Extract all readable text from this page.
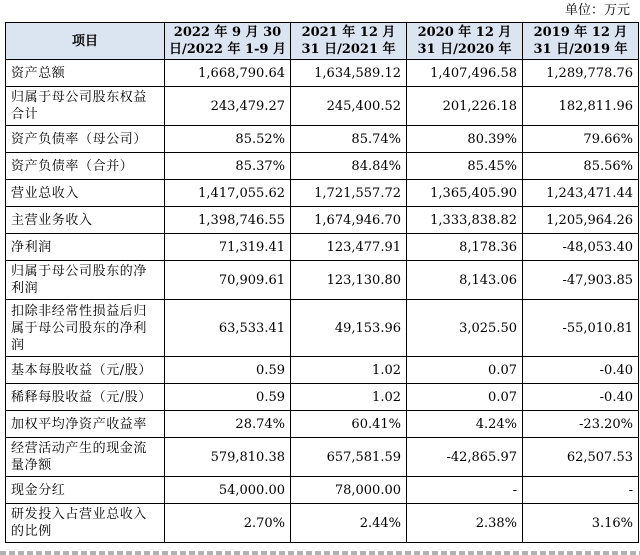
单位：万元
项目	2022 年 9 月 30 日/2022 年 1-9 月	2021 年 12 月 31 日/2021 年	2020 年 12 月 31 日/2020 年	2019 年 12 月 31 日/2019 年
资产总额	1,668,790.64	1,634,589.12	1,407,496.58	1,289,778.76
归属于母公司股东权益合计	243,479.27	245,400.52	201,226.18	182,811.96
资产负债率（母公司）	85.52%	85.74%	80.39%	79.66%
资产负债率（合并）	85.37%	84.84%	85.45%	85.56%
营业总收入	1,417,055.62	1,721,557.72	1,365,405.90	1,243,471.44
主营业务收入	1,398,746.55	1,674,946.70	1,333,838.82	1,205,964.26
净利润	71,319.41	123,477.91	8,178.36	-48,053.40
归属于母公司股东的净利润	70,909.61	123,130.80	8,143.06	-47,903.85
扣除非经常性损益后归属于母公司股东的净利润	63,533.41	49,153.96	3,025.50	-55,010.81
基本每股收益（元/股）	0.59	1.02	0.07	-0.40
稀释每股收益（元/股）	0.59	1.02	0.07	-0.40
加权平均净资产收益率	28.74%	60.41%	4.24%	-23.20%
经营活动产生的现金流量净额	579,810.38	657,581.59	-42,865.97	62,507.53
现金分红	54,000.00	78,000.00	-	-
研发投入占营业总收入的比例	2.70%	2.44%	2.38%	3.16%
